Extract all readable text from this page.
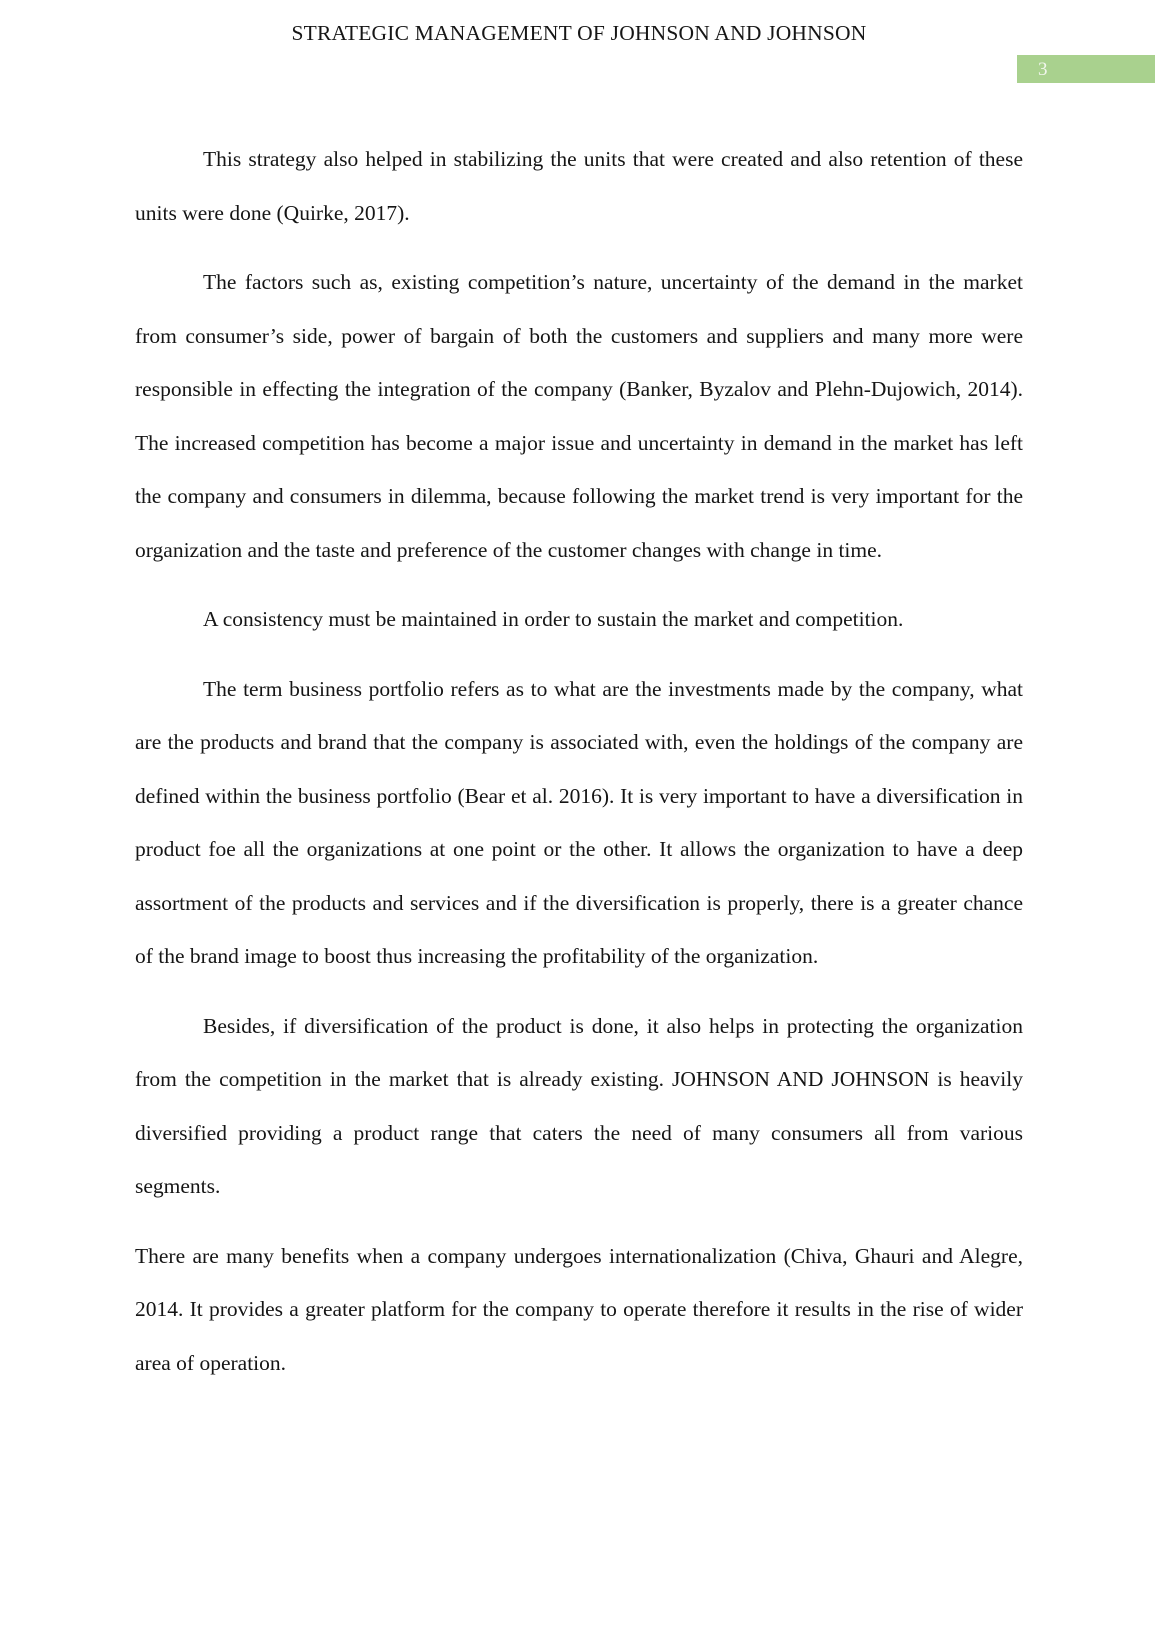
STRATEGIC MANAGEMENT OF JOHNSON AND JOHNSON
3

This strategy also helped in stabilizing the units that were created and also retention of these units were done (Quirke, 2017).

The factors such as, existing competition’s nature, uncertainty of the demand in the market from consumer’s side, power of bargain of both the customers and suppliers and many more were responsible in effecting the integration of the company (Banker, Byzalov and Plehn-Dujowich, 2014). The increased competition has become a major issue and uncertainty in demand in the market has left the company and consumers in dilemma, because following the market trend is very important for the organization and the taste and preference of the customer changes with change in time.

A consistency must be maintained in order to sustain the market and competition.

The term business portfolio refers as to what are the investments made by the company, what are the products and brand that the company is associated with, even the holdings of the company are defined within the business portfolio (Bear et al. 2016). It is very important to have a diversification in product foe all the organizations at one point or the other. It allows the organization to have a deep assortment of the products and services and if the diversification is properly, there is a greater chance of the brand image to boost thus increasing the profitability of the organization.

Besides, if diversification of the product is done, it also helps in protecting the organization from the competition in the market that is already existing. JOHNSON AND JOHNSON is heavily diversified providing a product range that caters the need of many consumers all from various segments.

There are many benefits when a company undergoes internationalization (Chiva, Ghauri and Alegre, 2014. It provides a greater platform for the company to operate therefore it results in the rise of wider area of operation.
